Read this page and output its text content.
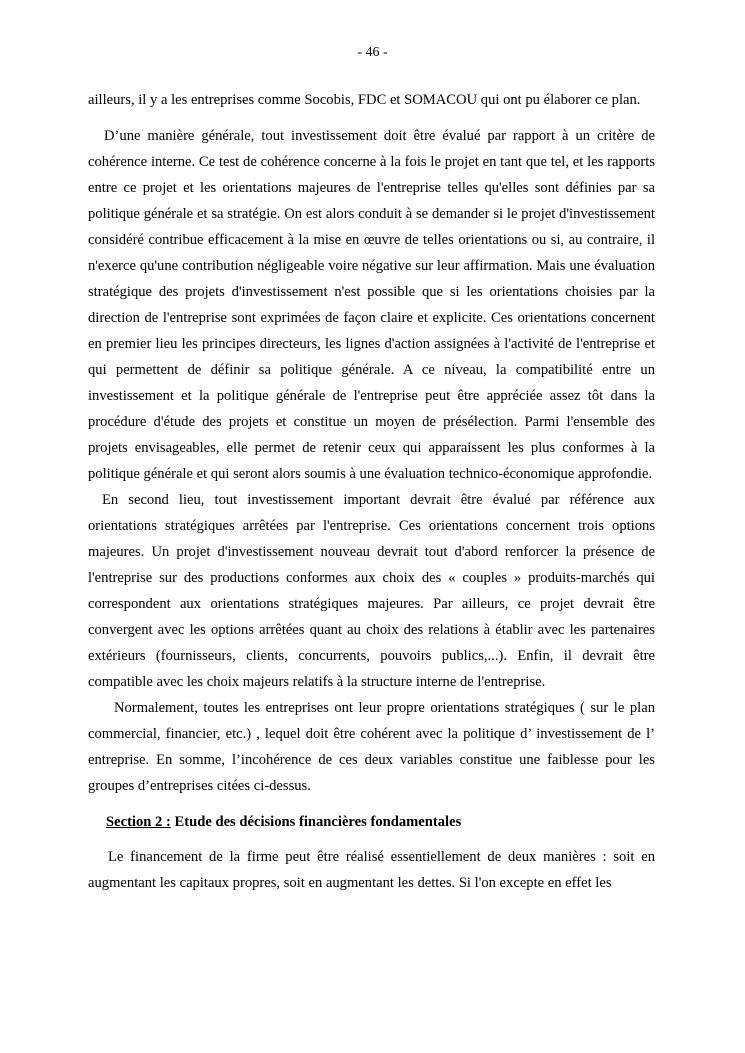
- 46 -

ailleurs, il y a les entreprises comme Socobis, FDC et SOMACOU qui ont pu élaborer ce plan.

D’une manière générale, tout investissement doit être évalué par rapport à un critère de cohérence interne. Ce test de cohérence concerne à la fois le projet en tant que tel, et les rapports entre ce projet et les orientations majeures de l'entreprise telles qu'elles sont définies par sa politique générale et sa stratégie. On est alors conduit à se demander si le projet d'investissement considéré contribue efficacement à la mise en œuvre de telles orientations ou si, au contraire, il n'exerce qu'une contribution négligeable voire négative sur leur affirmation. Mais une évaluation stratégique des projets d'investissement n'est possible que si les orientations choisies par la direction de l'entreprise sont exprimées de façon claire et explicite. Ces orientations concernent en premier lieu les principes directeurs, les lignes d'action assignées à l'activité de l'entreprise et qui permettent de définir sa politique générale. A ce niveau, la compatibilité entre un investissement et la politique générale de l'entreprise peut être appréciée assez tôt dans la procédure d'étude des projets et constitue un moyen de présélection. Parmi l'ensemble des projets envisageables, elle permet de retenir ceux qui apparaissent les plus conformes à la politique générale et qui seront alors soumis à une évaluation technico-économique approfondie.

En second lieu, tout investissement important devrait être évalué par référence aux orientations stratégiques arrêtées par l'entreprise. Ces orientations concernent trois options majeures. Un projet d'investissement nouveau devrait tout d'abord renforcer la présence de l'entreprise sur des productions conformes aux choix des « couples » produits-marchés qui correspondent aux orientations stratégiques majeures. Par ailleurs, ce projet devrait être convergent avec les options arrêtées quant au choix des relations à établir avec les partenaires extérieurs (fournisseurs, clients, concurrents, pouvoirs publics,...). Enfin, il devrait être compatible avec les choix majeurs relatifs à la structure interne de l'entreprise.

Normalement, toutes les entreprises ont leur propre orientations stratégiques ( sur le plan commercial, financier, etc.) , lequel doit être cohérent avec la politique d’ investissement de l’ entreprise. En somme, l’incohérence de ces deux variables constitue une faiblesse pour les groupes d’entreprises citées ci-dessus.

Section 2 : Etude des décisions financières fondamentales

Le financement de la firme peut être réalisé essentiellement de deux manières : soit en augmentant les capitaux propres, soit en augmentant les dettes. Si l'on excepte en effet les
